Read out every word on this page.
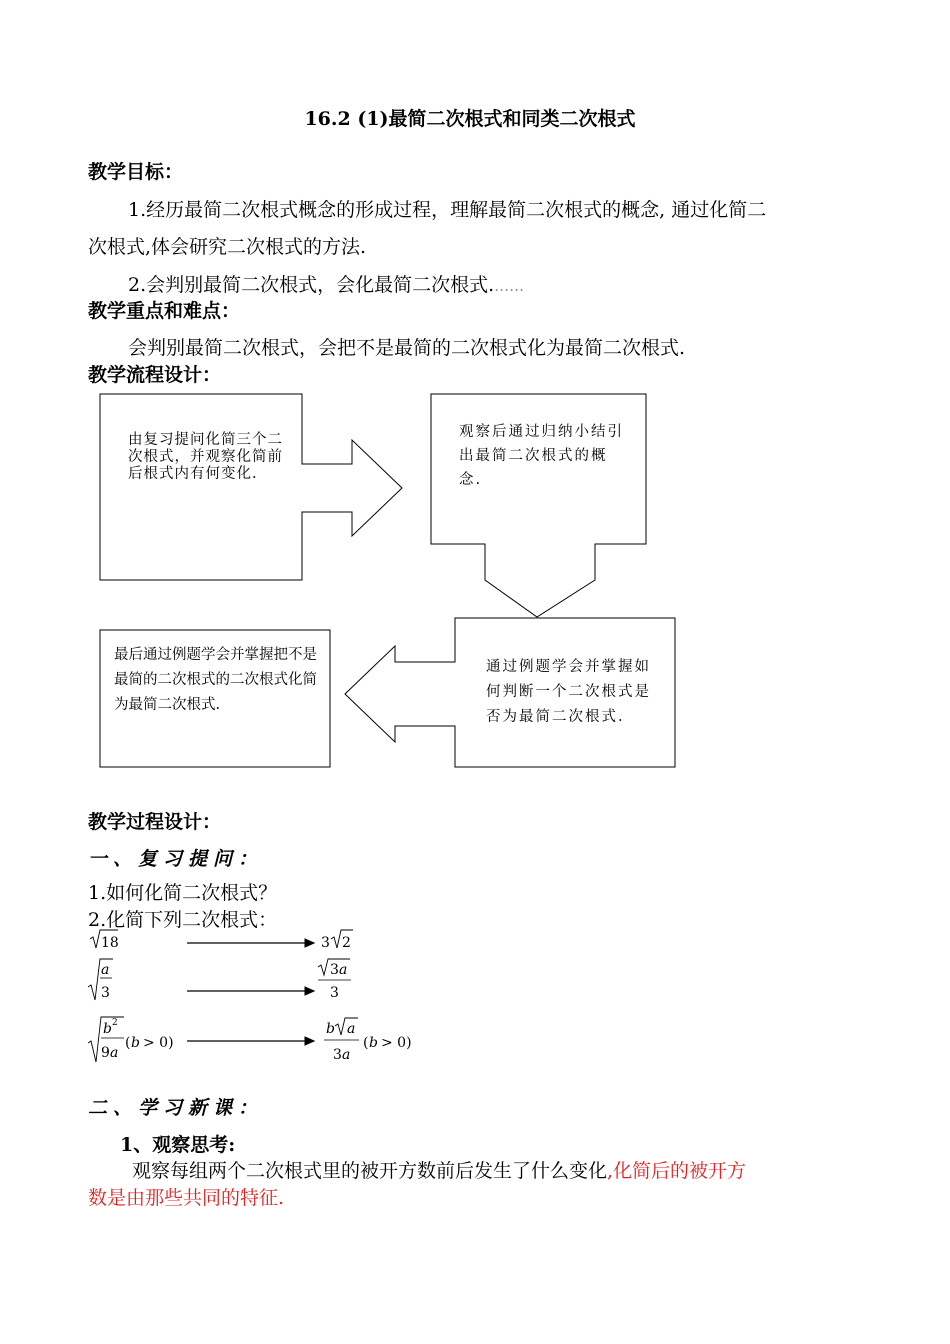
16.2 (1)最简二次根式和同类二次根式
教学目标：
1.经历最简二次根式概念的形成过程，理解最简二次根式的概念, 通过化简二
次根式,体会研究二次根式的方法.
2.会判别最简二次根式，会化最简二次根式.……
教学重点和难点：
会判别最简二次根式，会把不是最简的二次根式化为最简二次根式.
教学流程设计：
由复习提问化简三个二次根式，并观察化简前后根式内有何变化.
观察后通过归纳小结引出最简二次根式的概念.
通过例题学会并掌握如何判断一个二次根式是否为最简二次根式.
最后通过例题学会并掌握把不是最简的二次根式的二次根式化简为最简二次根式.
教学过程设计：
一、复习提问：
1.如何化简二次根式？
2.化简下列二次根式：
18	3 2
a
3
3 a
3
b 2
9 a
( b > 0)
b a
3 a
( b > 0)
二、学习新课：
1、观察思考:
观察每组两个二次根式里的被开方数前后发生了什么变化,化简后的被开方
数是由那些共同的特征.
